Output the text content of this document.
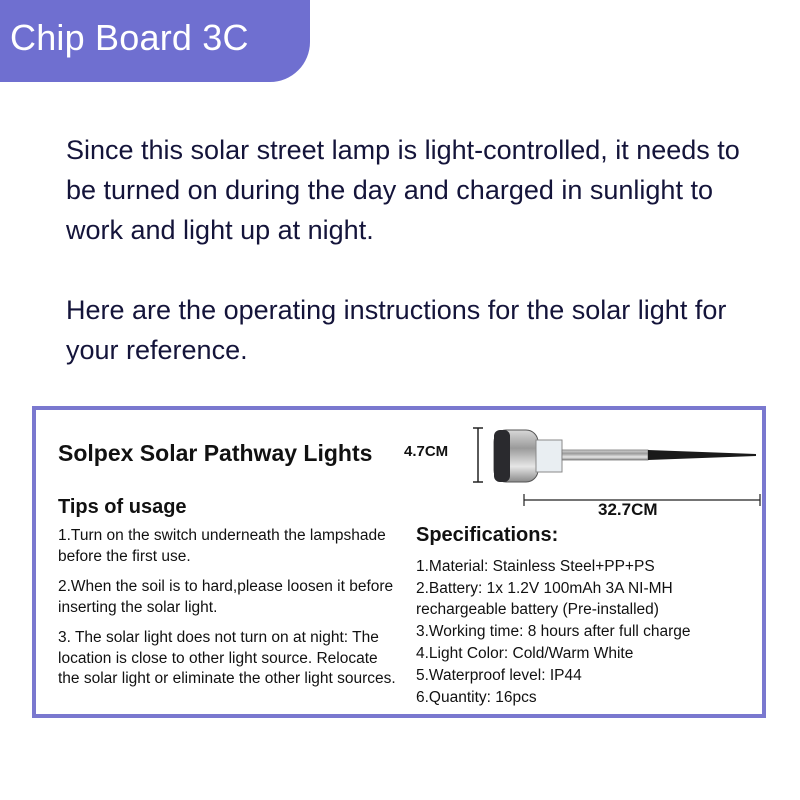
Chip Board 3C
Since this solar street lamp is light-controlled, it needs to be turned on during the day and charged in sunlight to work and light up at night.
Here are the operating instructions for the solar light for your reference.
Solpex Solar Pathway Lights 4.7CM
32.7CM
Tips of usage
1.Turn on the switch underneath the lampshade before the first use.
2.When the soil is to hard,please loosen it before inserting the solar light.
3. The solar light does not turn on at night: The location is close to other light source. Relocate the solar light or eliminate the other light sources.
Specifications:
1.Material: Stainless Steel+PP+PS
2.Battery: 1x 1.2V 100mAh 3A NI-MH rechargeable battery (Pre-installed)
3.Working time: 8 hours after full charge
4.Light Color: Cold/Warm White
5.Waterproof level: IP44
6.Quantity: 16pcs
